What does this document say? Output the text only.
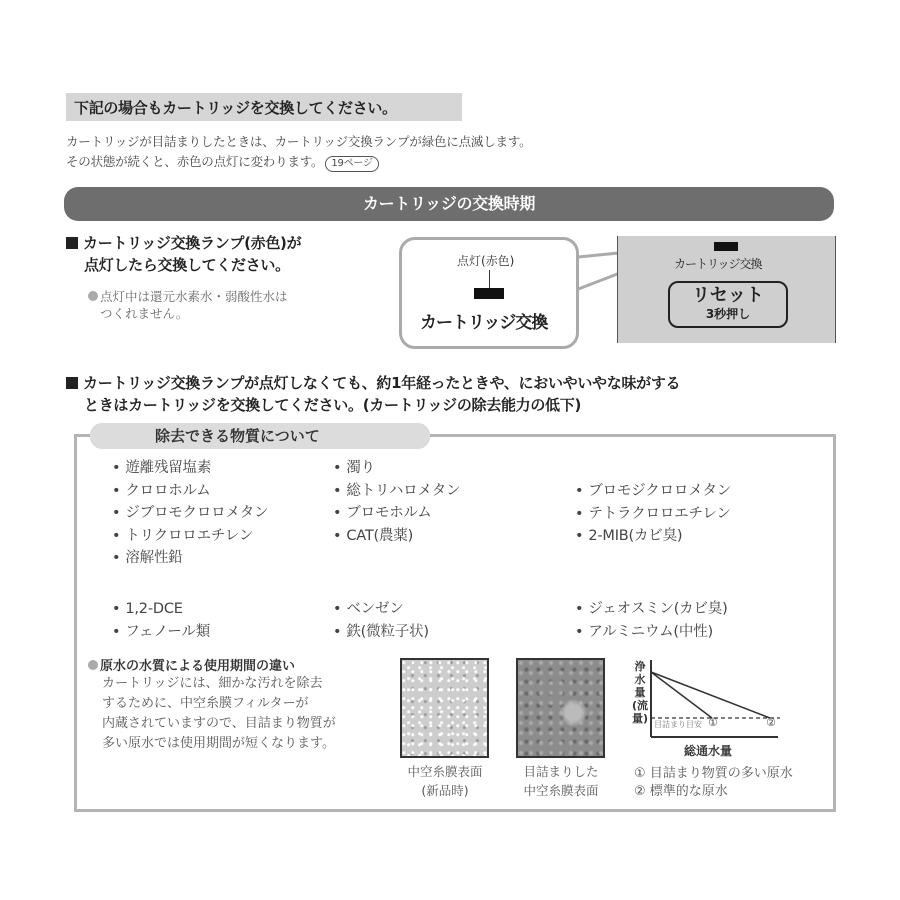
下記の場合もカートリッジを交換してください。
カートリッジが目詰まりしたときは、カートリッジ交換ランプが緑色に点滅します。
その状態が続くと、赤色の点灯に変わります。 19ページ
カートリッジの交換時期
カートリッジ交換ランプ(赤色)が
点灯したら交換してください。
点灯中は還元水素水・弱酸性水は
つくれません。
点灯(赤色)
カートリッジ交換
カートリッジ交換
リセット
3秒押し
カートリッジ交換ランプが点灯しなくても、約1年経ったときや、においやいやな味がする
ときはカートリッジを交換してください。(カートリッジの除去能力の低下)
除去できる物質について
• 遊離残留塩素
• クロロホルム
• ジブロモクロロメタン
• トリクロロエチレン
• 溶解性鉛
• 濁り
• 総トリハロメタン
• ブロモホルム
• CAT(農薬)
• ブロモジクロロメタン
• テトラクロロエチレン
• 2-MIB(カビ臭)
• 1,2-DCE
• フェノール類
• ベンゼン
• 鉄(微粒子状)
• ジェオスミン(カビ臭)
• アルミニウム(中性)
原水の水質による使用期間の違い
カートリッジには、細かな汚れを除去
するために、中空糸膜フィルターが
内蔵されていますので、目詰まり物質が
多い原水では使用期間が短くなります。
中空糸膜表面
(新品時)
目詰まりした
中空糸膜表面
浄水量(流量) 目詰まり目安 ①	②
総通水量
① 目詰まり物質の多い原水
② 標準的な原水
